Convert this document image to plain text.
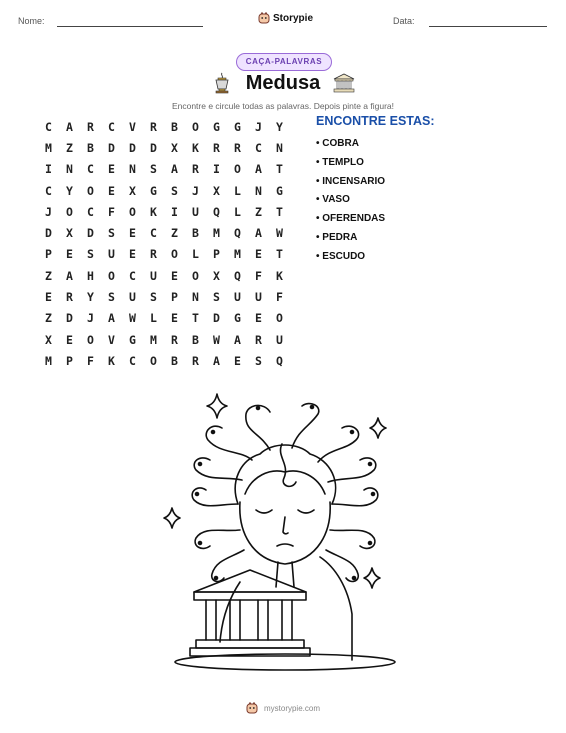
Nome:	Storypie	Data:
CAÇA-PALAVRAS
Medusa
Encontre e circule todas as palavras. Depois pinte a figura!
C	A	R	C	V	R	B	O	G	G	J	Y
M	Z	B	D	D	D	X	K	R	R	C	N
I	N	C	E	N	S	A	R	I	O	A	T
C	Y	O	E	X	G	S	J	X	L	N	G
J	O	C	F	O	K	I	U	Q	L	Z	T
D	X	D	S	E	C	Z	B	M	Q	A	W
P	E	S	U	E	R	O	L	P	M	E	T
Z	A	H	O	C	U	E	O	X	Q	F	K
E	R	Y	S	U	S	P	N	S	U	U	F
Z	D	J	A	W	L	E	T	D	G	E	O
X	E	O	V	G	M	R	B	W	A	R	U
M	P	F	K	C	O	B	R	A	E	S	Q
ENCONTRE ESTAS:
• COBRA
• TEMPLO
• INCENSARIO
• VASO
• OFERENDAS
• PEDRA
• ESCUDO
mystorypie.com
